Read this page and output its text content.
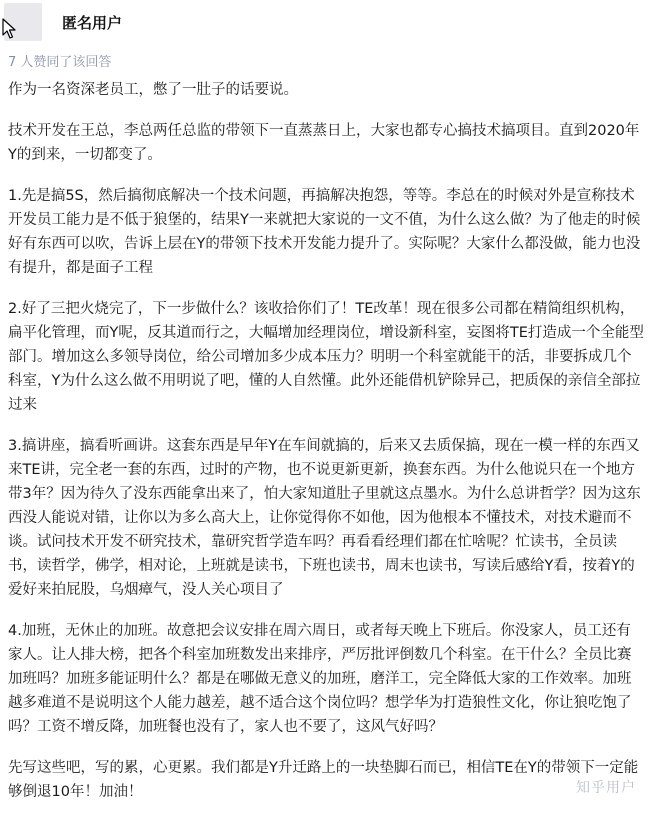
匿名用户
7 人赞同了该回答

作为一名资深老员工，憋了一肚子的话要说。

技术开发在王总，李总两任总监的带领下一直蒸蒸日上，大家也都专心搞技术搞项目。直到2020年Y的到来，一切都变了。

1.先是搞5S，然后搞彻底解决一个技术问题，再搞解决抱怨，等等。李总在的时候对外是宣称技术开发员工能力是不低于狼堡的，结果Y一来就把大家说的一文不值，为什么这么做？为了他走的时候好有东西可以吹，告诉上层在Y的带领下技术开发能力提升了。实际呢？大家什么都没做，能力也没有提升，都是面子工程

2.好了三把火烧完了，下一步做什么？该收拾你们了！TE改革！现在很多公司都在精简组织机构，扁平化管理，而Y呢，反其道而行之，大幅增加经理岗位，增设新科室，妄图将TE打造成一个全能型部门。增加这么多领导岗位，给公司增加多少成本压力？明明一个科室就能干的活，非要拆成几个科室，Y为什么这么做不用明说了吧，懂的人自然懂。此外还能借机铲除异己，把质保的亲信全部拉过来

3.搞讲座，搞看听画讲。这套东西是早年Y在车间就搞的，后来又去质保搞，现在一模一样的东西又来TE讲，完全老一套的东西，过时的产物，也不说更新更新，换套东西。为什么他说只在一个地方带3年？因为待久了没东西能拿出来了，怕大家知道肚子里就这点墨水。为什么总讲哲学？因为这东西没人能说对错，让你以为多么高大上，让你觉得你不如他，因为他根本不懂技术，对技术避而不谈。试问技术开发不研究技术，靠研究哲学造车吗？再看看经理们都在忙啥呢？忙读书，全员读书，读哲学，佛学，相对论，上班就是读书，下班也读书，周末也读书，写读后感给Y看，按着Y的爱好来拍屁股，乌烟瘴气，没人关心项目了

4.加班，无休止的加班。故意把会议安排在周六周日，或者每天晚上下班后。你没家人，员工还有家人。让人排大榜，把各个科室加班数发出来排序，严厉批评倒数几个科室。在干什么？全员比赛加班吗？加班多能证明什么？都是在哪做无意义的加班，磨洋工，完全降低大家的工作效率。加班越多难道不是说明这个人能力越差，越不适合这个岗位吗？想学华为打造狼性文化，你让狼吃饱了吗？工资不增反降，加班餐也没有了，家人也不要了，这风气好吗？

先写这些吧，写的累，心更累。我们都是Y升迁路上的一块垫脚石而已，相信TE在Y的带领下一定能够倒退10年！加油！	知乎用户
